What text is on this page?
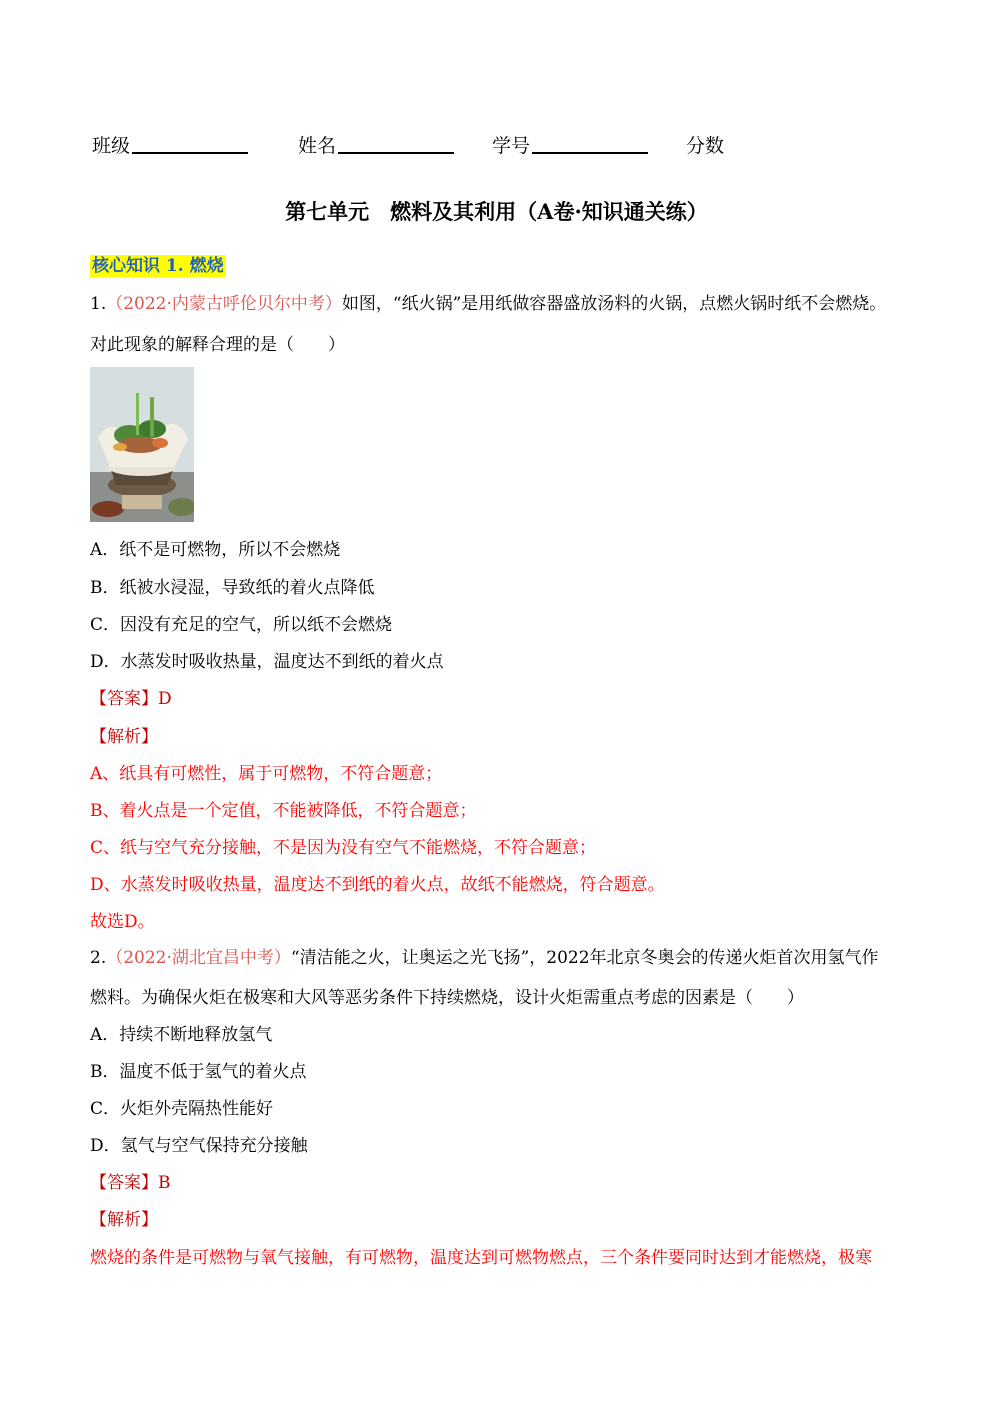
班级	姓名	学号	分数
第七单元　燃料及其利用（A卷·知识通关练）
核心知识 1. 燃烧
1.（2022·内蒙古呼伦贝尔中考）如图，“纸火锅”是用纸做容器盛放汤料的火锅，点燃火锅时纸不会燃烧。
对此现象的解释合理的是（　　）
A．纸不是可燃物，所以不会燃烧
B．纸被水浸湿，导致纸的着火点降低
C．因没有充足的空气，所以纸不会燃烧
D．水蒸发时吸收热量，温度达不到纸的着火点
【答案】D
【解析】
A、纸具有可燃性，属于可燃物，不符合题意；
B、着火点是一个定值，不能被降低，不符合题意；
C、纸与空气充分接触，不是因为没有空气不能燃烧，不符合题意；
D、水蒸发时吸收热量，温度达不到纸的着火点，故纸不能燃烧，符合题意。
故选D。
2.（2022·湖北宜昌中考）“清洁能之火，让奥运之光飞扬”，2022年北京冬奥会的传递火炬首次用氢气作
燃料。为确保火炬在极寒和大风等恶劣条件下持续燃烧，设计火炬需重点考虑的因素是（　　）
A．持续不断地释放氢气
B．温度不低于氢气的着火点
C．火炬外壳隔热性能好
D．氢气与空气保持充分接触
【答案】B
【解析】
燃烧的条件是可燃物与氧气接触，有可燃物，温度达到可燃物燃点，三个条件要同时达到才能燃烧，极寒
